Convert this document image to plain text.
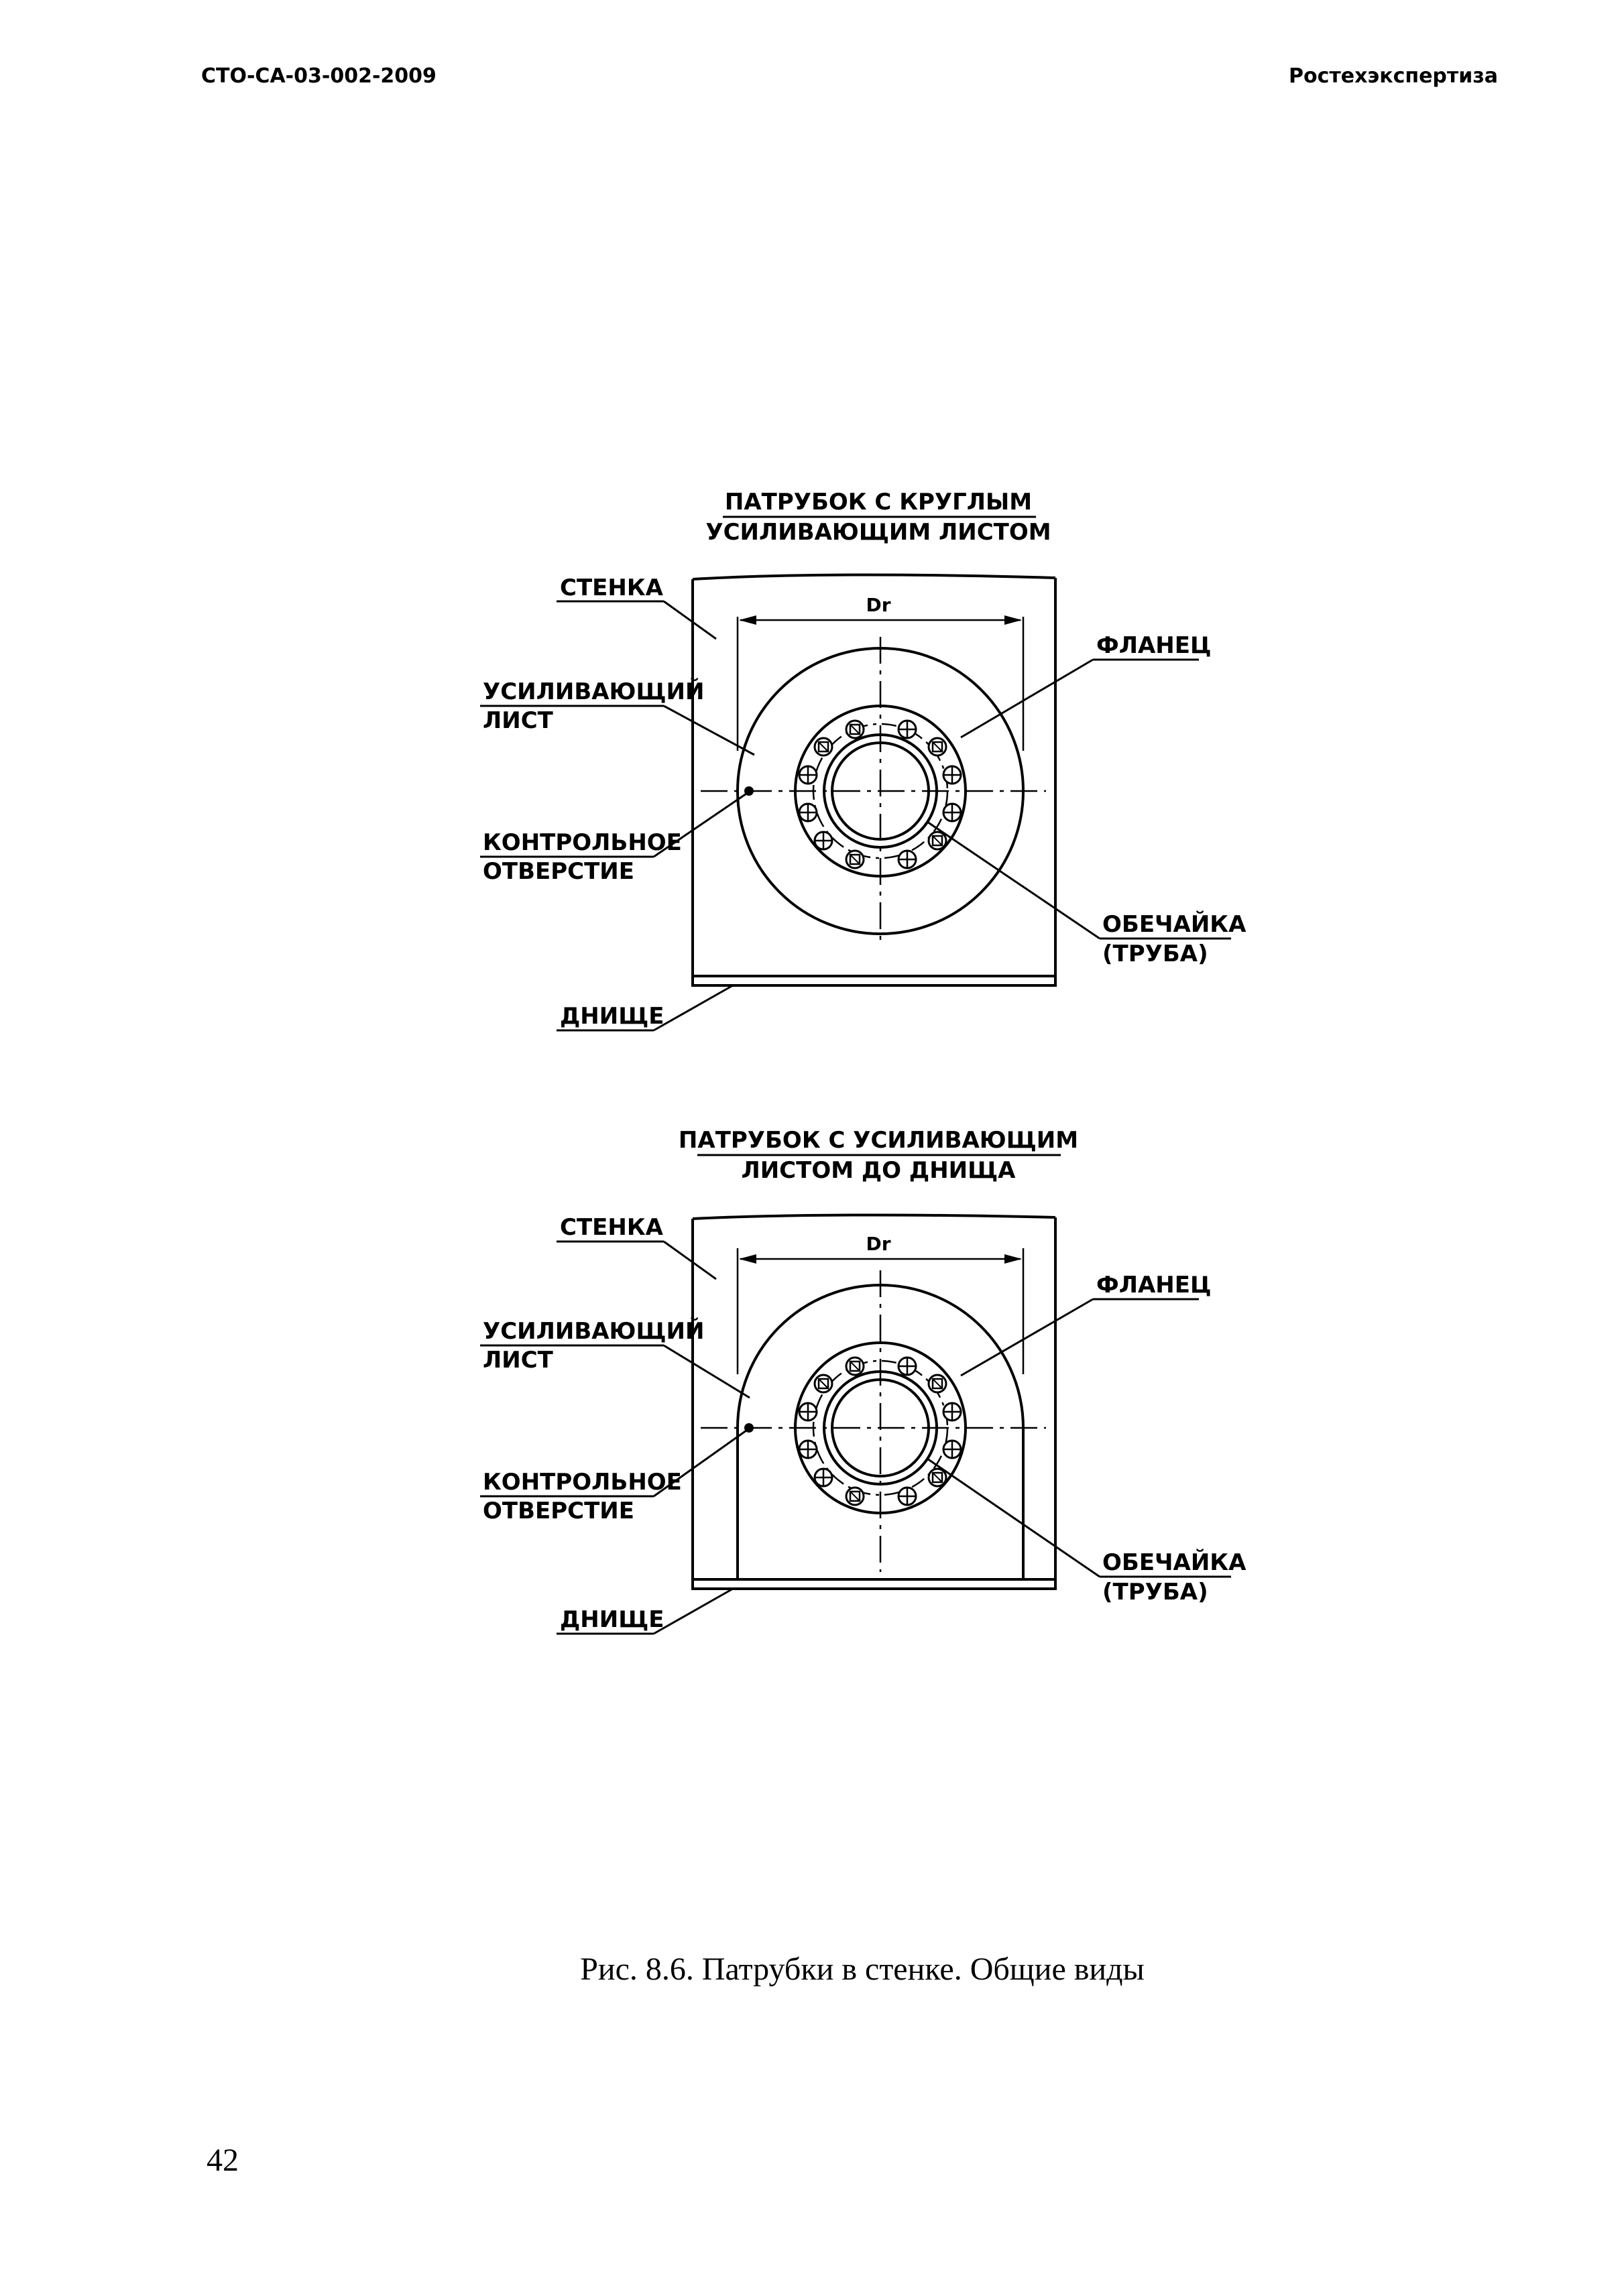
СТО-СА-03-002-2009	Ростехэкспертиза
ПАТРУБОК С КРУГЛЫМ
УСИЛИВАЮЩИМ ЛИСТОМ
Dr
СТЕНКА
УСИЛИВАЮЩИЙ
ЛИСТ
КОНТРОЛЬНОЕ
ОТВЕРСТИЕ
ДНИЩЕ
ФЛАНЕЦ
ОБЕЧАЙКА
(ТРУБА)
ПАТРУБОК С УСИЛИВАЮЩИМ
ЛИСТОМ ДО ДНИЩА
Dr
СТЕНКА
УСИЛИВАЮЩИЙ
ЛИСТ
КОНТРОЛЬНОЕ
ОТВЕРСТИЕ
ДНИЩЕ
ФЛАНЕЦ
ОБЕЧАЙКА
(ТРУБА)
Рис. 8.6. Патрубки в стенке. Общие виды
42
